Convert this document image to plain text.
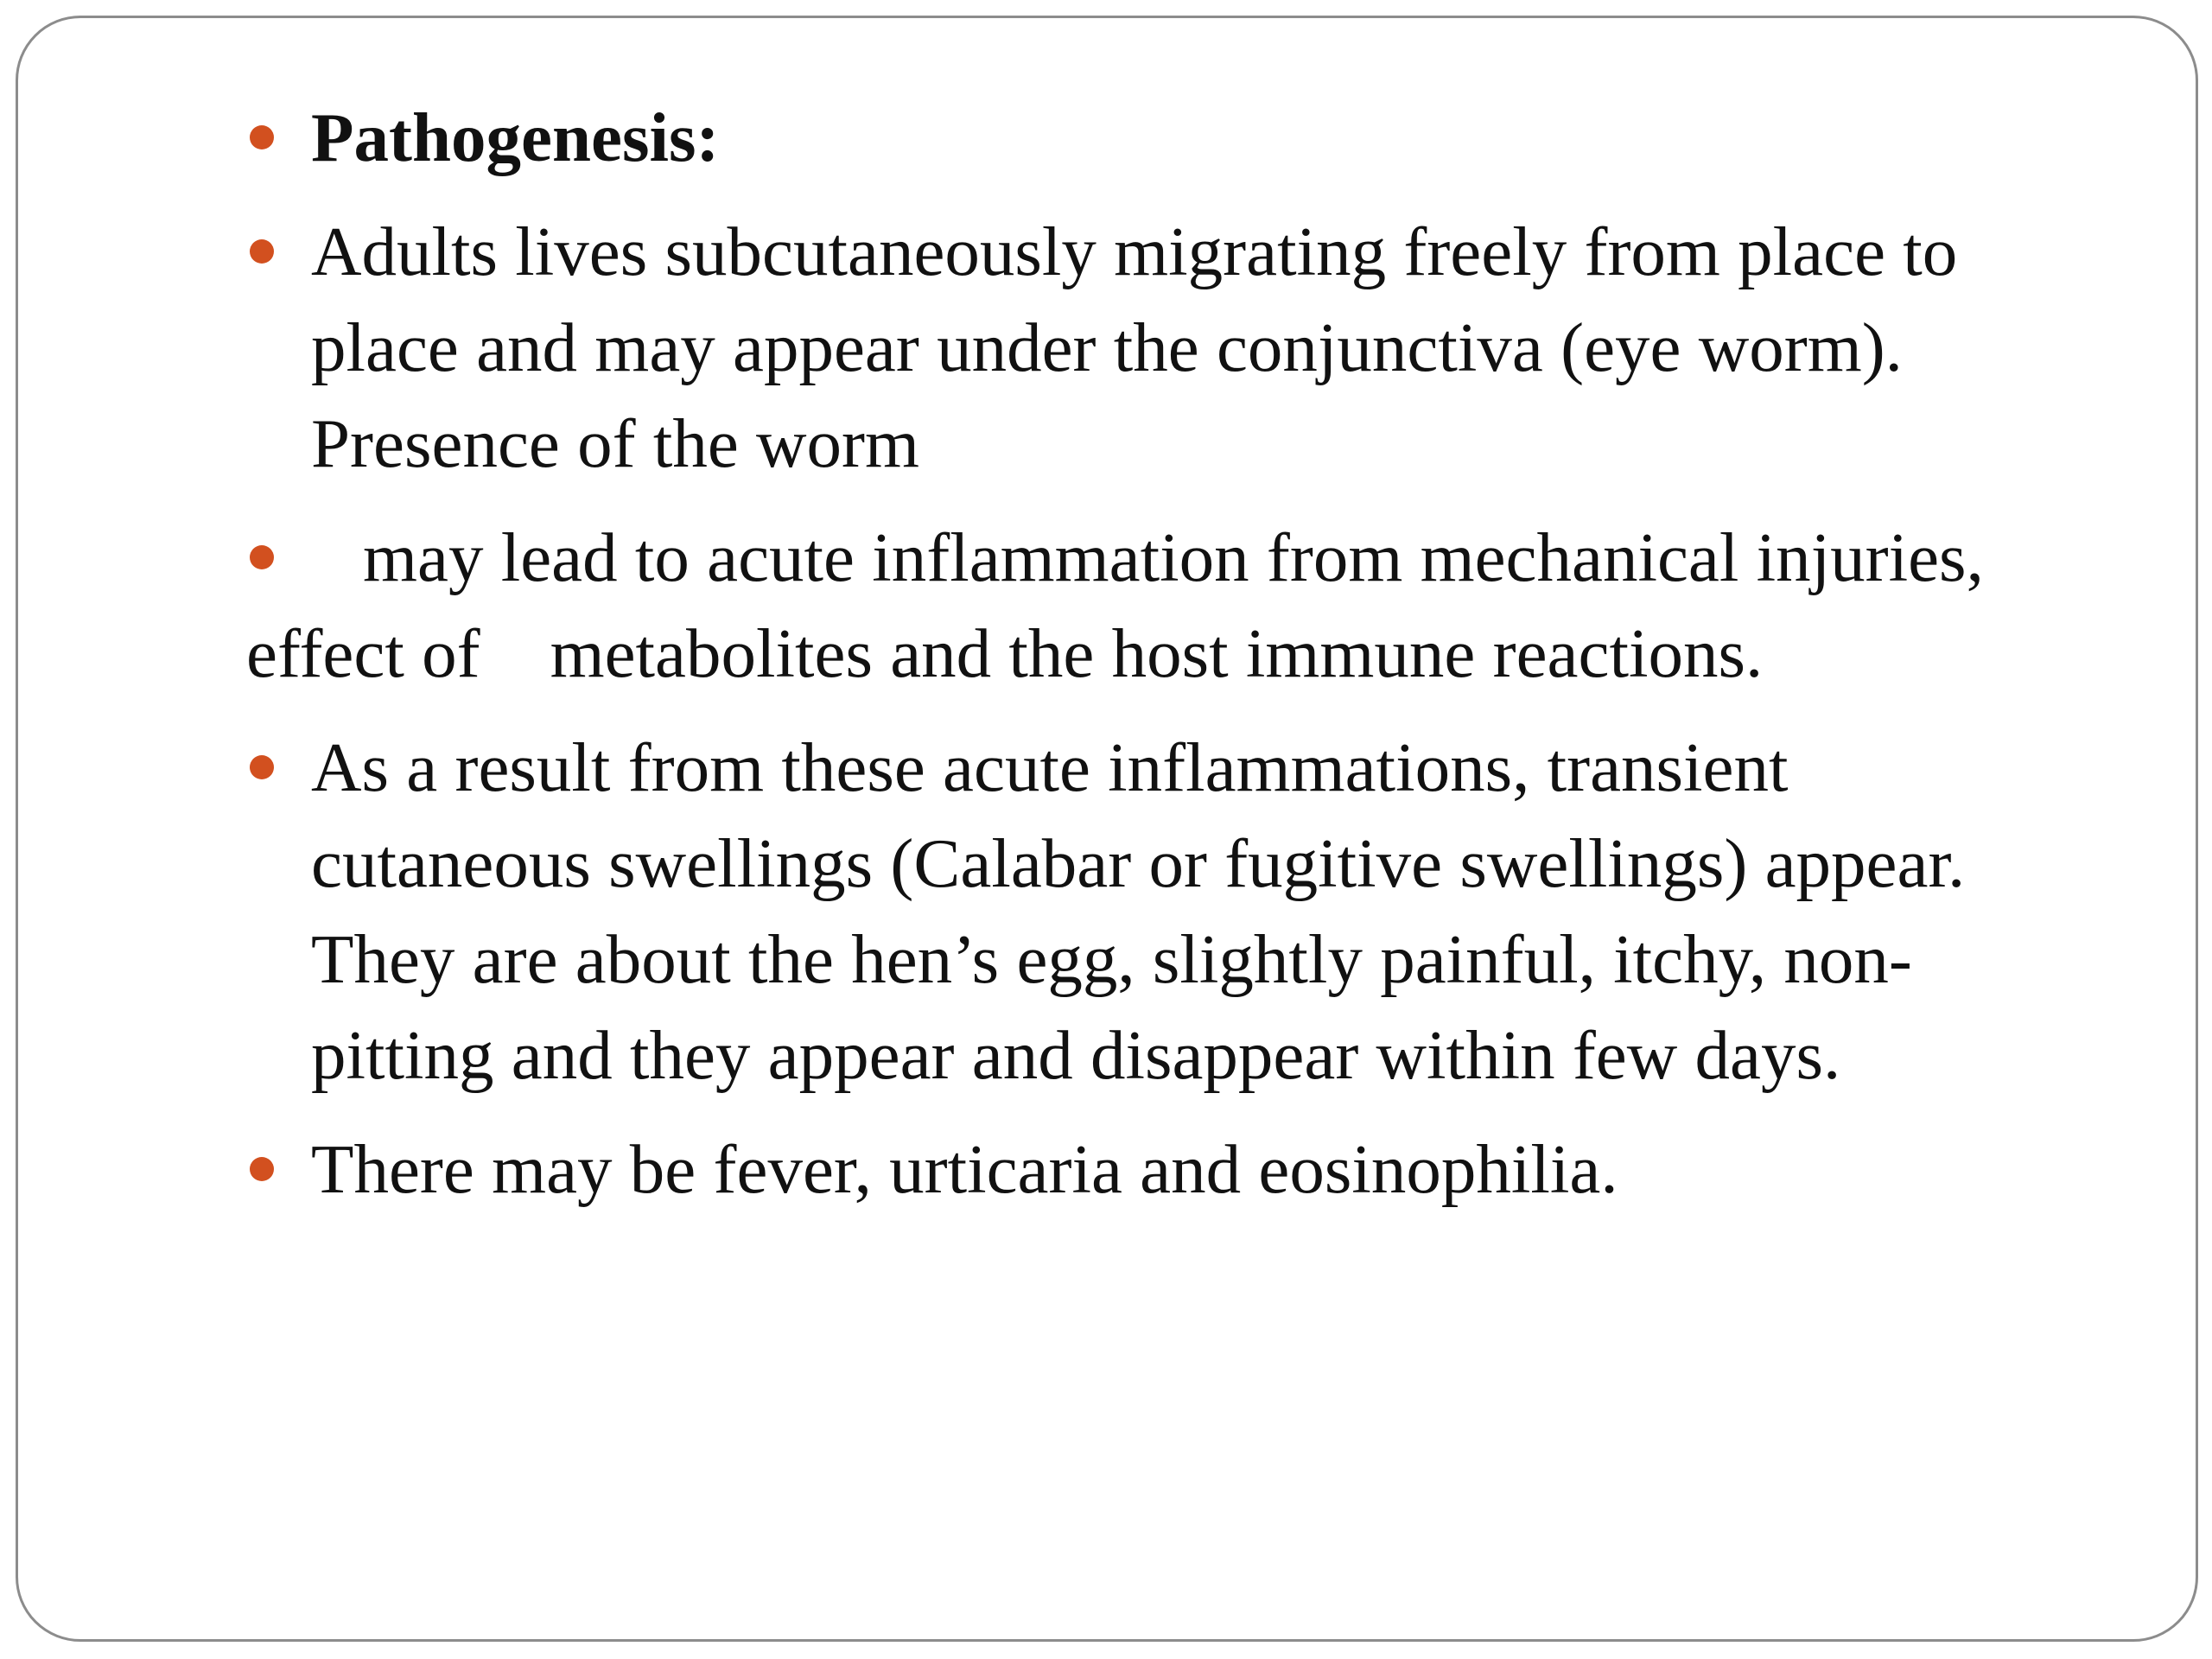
Pathogenesis:
Adults lives subcutaneously migrating freely from place to place and may appear under the conjunctiva (eye worm). Presence of the worm
may lead to acute inflammation from mechanical injuries,
effect of    metabolites and the host immune reactions.
As a result from these acute inflammations, transient cutaneous swellings (Calabar or fugitive swellings) appear. They are about the hen’s egg, slightly painful, itchy, non-pitting and they appear and disappear within few days.
There may be fever, urticaria and eosinophilia.
